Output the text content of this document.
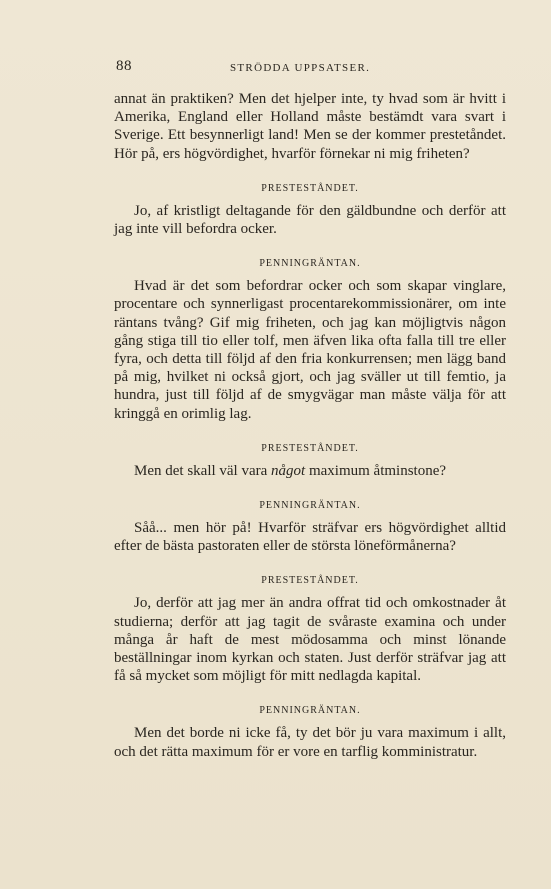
88	STRÖDDA UPPSATSER.

annat än praktiken? Men det hjelper inte, ty hvad som är hvitt i Amerika, England eller Holland måste bestämdt vara svart i Sverige. Ett besynnerligt land! Men se der kommer prestetåndet. Hör på, ers högvördighet, hvarför förnekar ni mig friheten?

PRESTESTÅNDET.

Jo, af kristligt deltagande för den gäldbundne och derför att jag inte vill befordra ocker.

PENNINGRÄNTAN.

Hvad är det som befordrar ocker och som skapar vinglare, procentare och synnerligast procentarekommissionärer, om inte räntans tvång? Gif mig friheten, och jag kan möjligtvis någon gång stiga till tio eller tolf, men äfven lika ofta falla till tre eller fyra, och detta till följd af den fria konkurrensen; men lägg band på mig, hvilket ni också gjort, och jag sväller ut till femtio, ja hundra, just till följd af de smygvägar man måste välja för att kringgå en orimlig lag.

PRESTESTÅNDET.

Men det skall väl vara något maximum åtminstone?

PENNINGRÄNTAN.

Såå... men hör på! Hvarför sträfvar ers högvördighet alltid efter de bästa pastoraten eller de största löneförmånerna?

PRESTESTÅNDET.

Jo, derför att jag mer än andra offrat tid och omkostnader åt studierna; derför att jag tagit de svåraste examina och under många år haft de mest mödosamma och minst lönande beställningar inom kyrkan och staten. Just derför sträfvar jag att få så mycket som möjligt för mitt nedlagda kapital.

PENNINGRÄNTAN.

Men det borde ni icke få, ty det bör ju vara maximum i allt, och det rätta maximum för er vore en tarflig komministratur.
